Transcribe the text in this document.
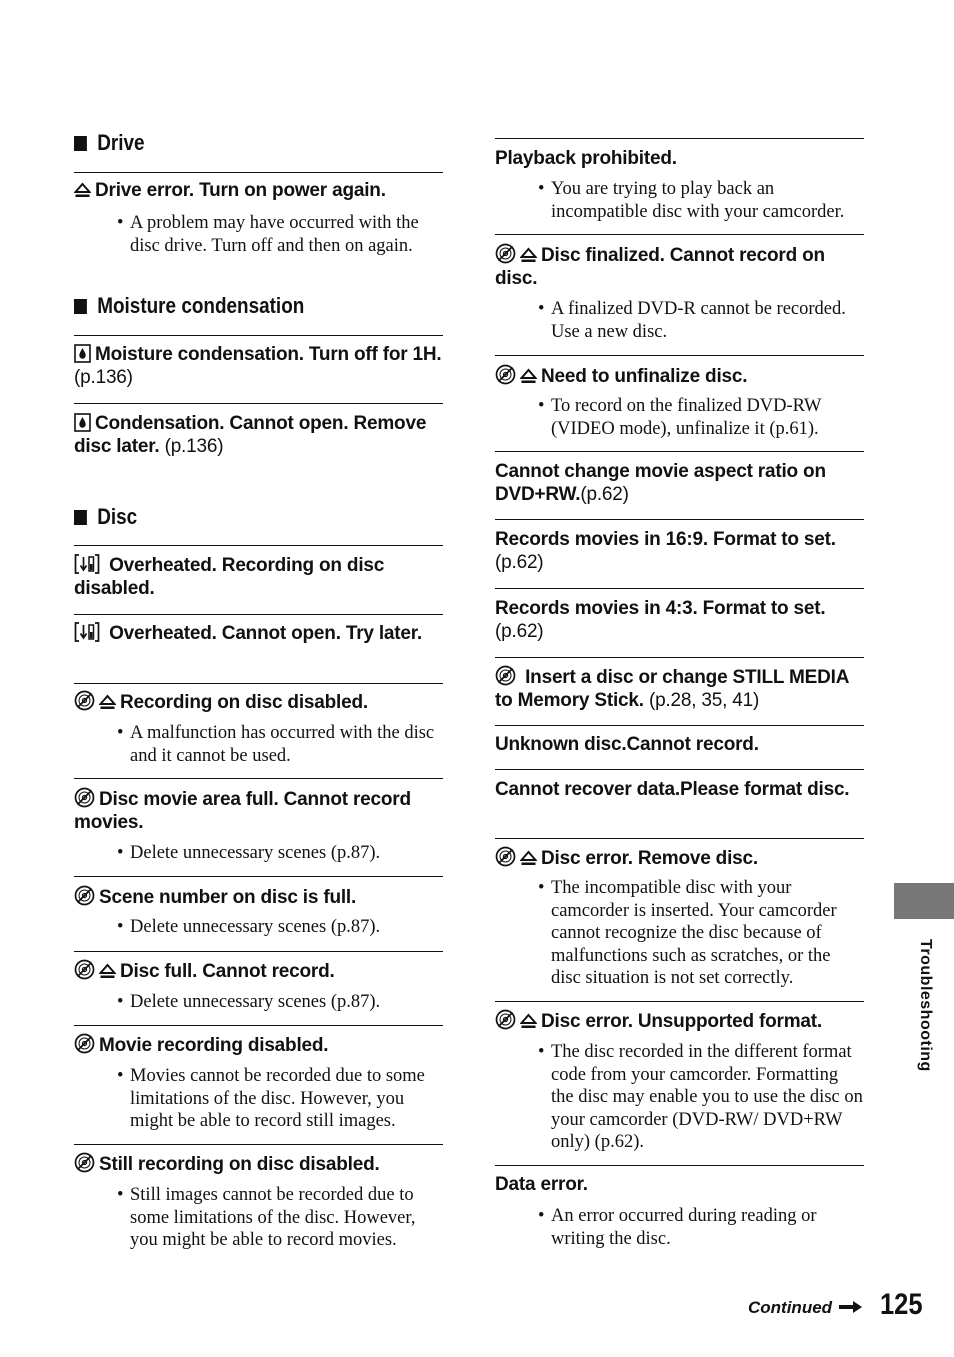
Drive
Drive error. Turn on power again.
• A problem may have occurred with the disc drive. Turn off and then on again.
Moisture condensation
Moisture condensation. Turn off for 1H. (p.136)
Condensation. Cannot open. Remove disc later. (p.136)
Disc
Overheated. Recording on disc disabled.
Overheated. Cannot open. Try later.
Recording on disc disabled.
• A malfunction has occurred with the disc and it cannot be used.
Disc movie area full. Cannot record movies.
• Delete unnecessary scenes (p.87).
Scene number on disc is full.
• Delete unnecessary scenes (p.87).
Disc full. Cannot record.
• Delete unnecessary scenes (p.87).
Movie recording disabled.
• Movies cannot be recorded due to some limitations of the disc. However, you might be able to record still images.
Still recording on disc disabled.
• Still images cannot be recorded due to some limitations of the disc. However, you might be able to record movies.
Playback prohibited.
• You are trying to play back an incompatible disc with your camcorder.
Disc finalized. Cannot record on disc.
• A finalized DVD-R cannot be recorded. Use a new disc.
Need to unfinalize disc.
• To record on the finalized DVD-RW (VIDEO mode), unfinalize it (p.61).
Cannot change movie aspect ratio on DVD+RW.(p.62)
Records movies in 16:9. Format to set. (p.62)
Records movies in 4:3. Format to set. (p.62)
Insert a disc or change STILL MEDIA to Memory Stick. (p.28, 35, 41)
Unknown disc.Cannot record.
Cannot recover data.Please format disc.
Disc error. Remove disc.
• The incompatible disc with your camcorder is inserted. Your camcorder cannot recognize the disc because of malfunctions such as scratches, or the disc situation is not set correctly.
Disc error. Unsupported format.
• The disc recorded in the different format code from your camcorder. Formatting the disc may enable you to use the disc on your camcorder (DVD-RW/ DVD+RW only) (p.62).
Data error.
• An error occurred during reading or writing the disc.
Troubleshooting
Continued 125
